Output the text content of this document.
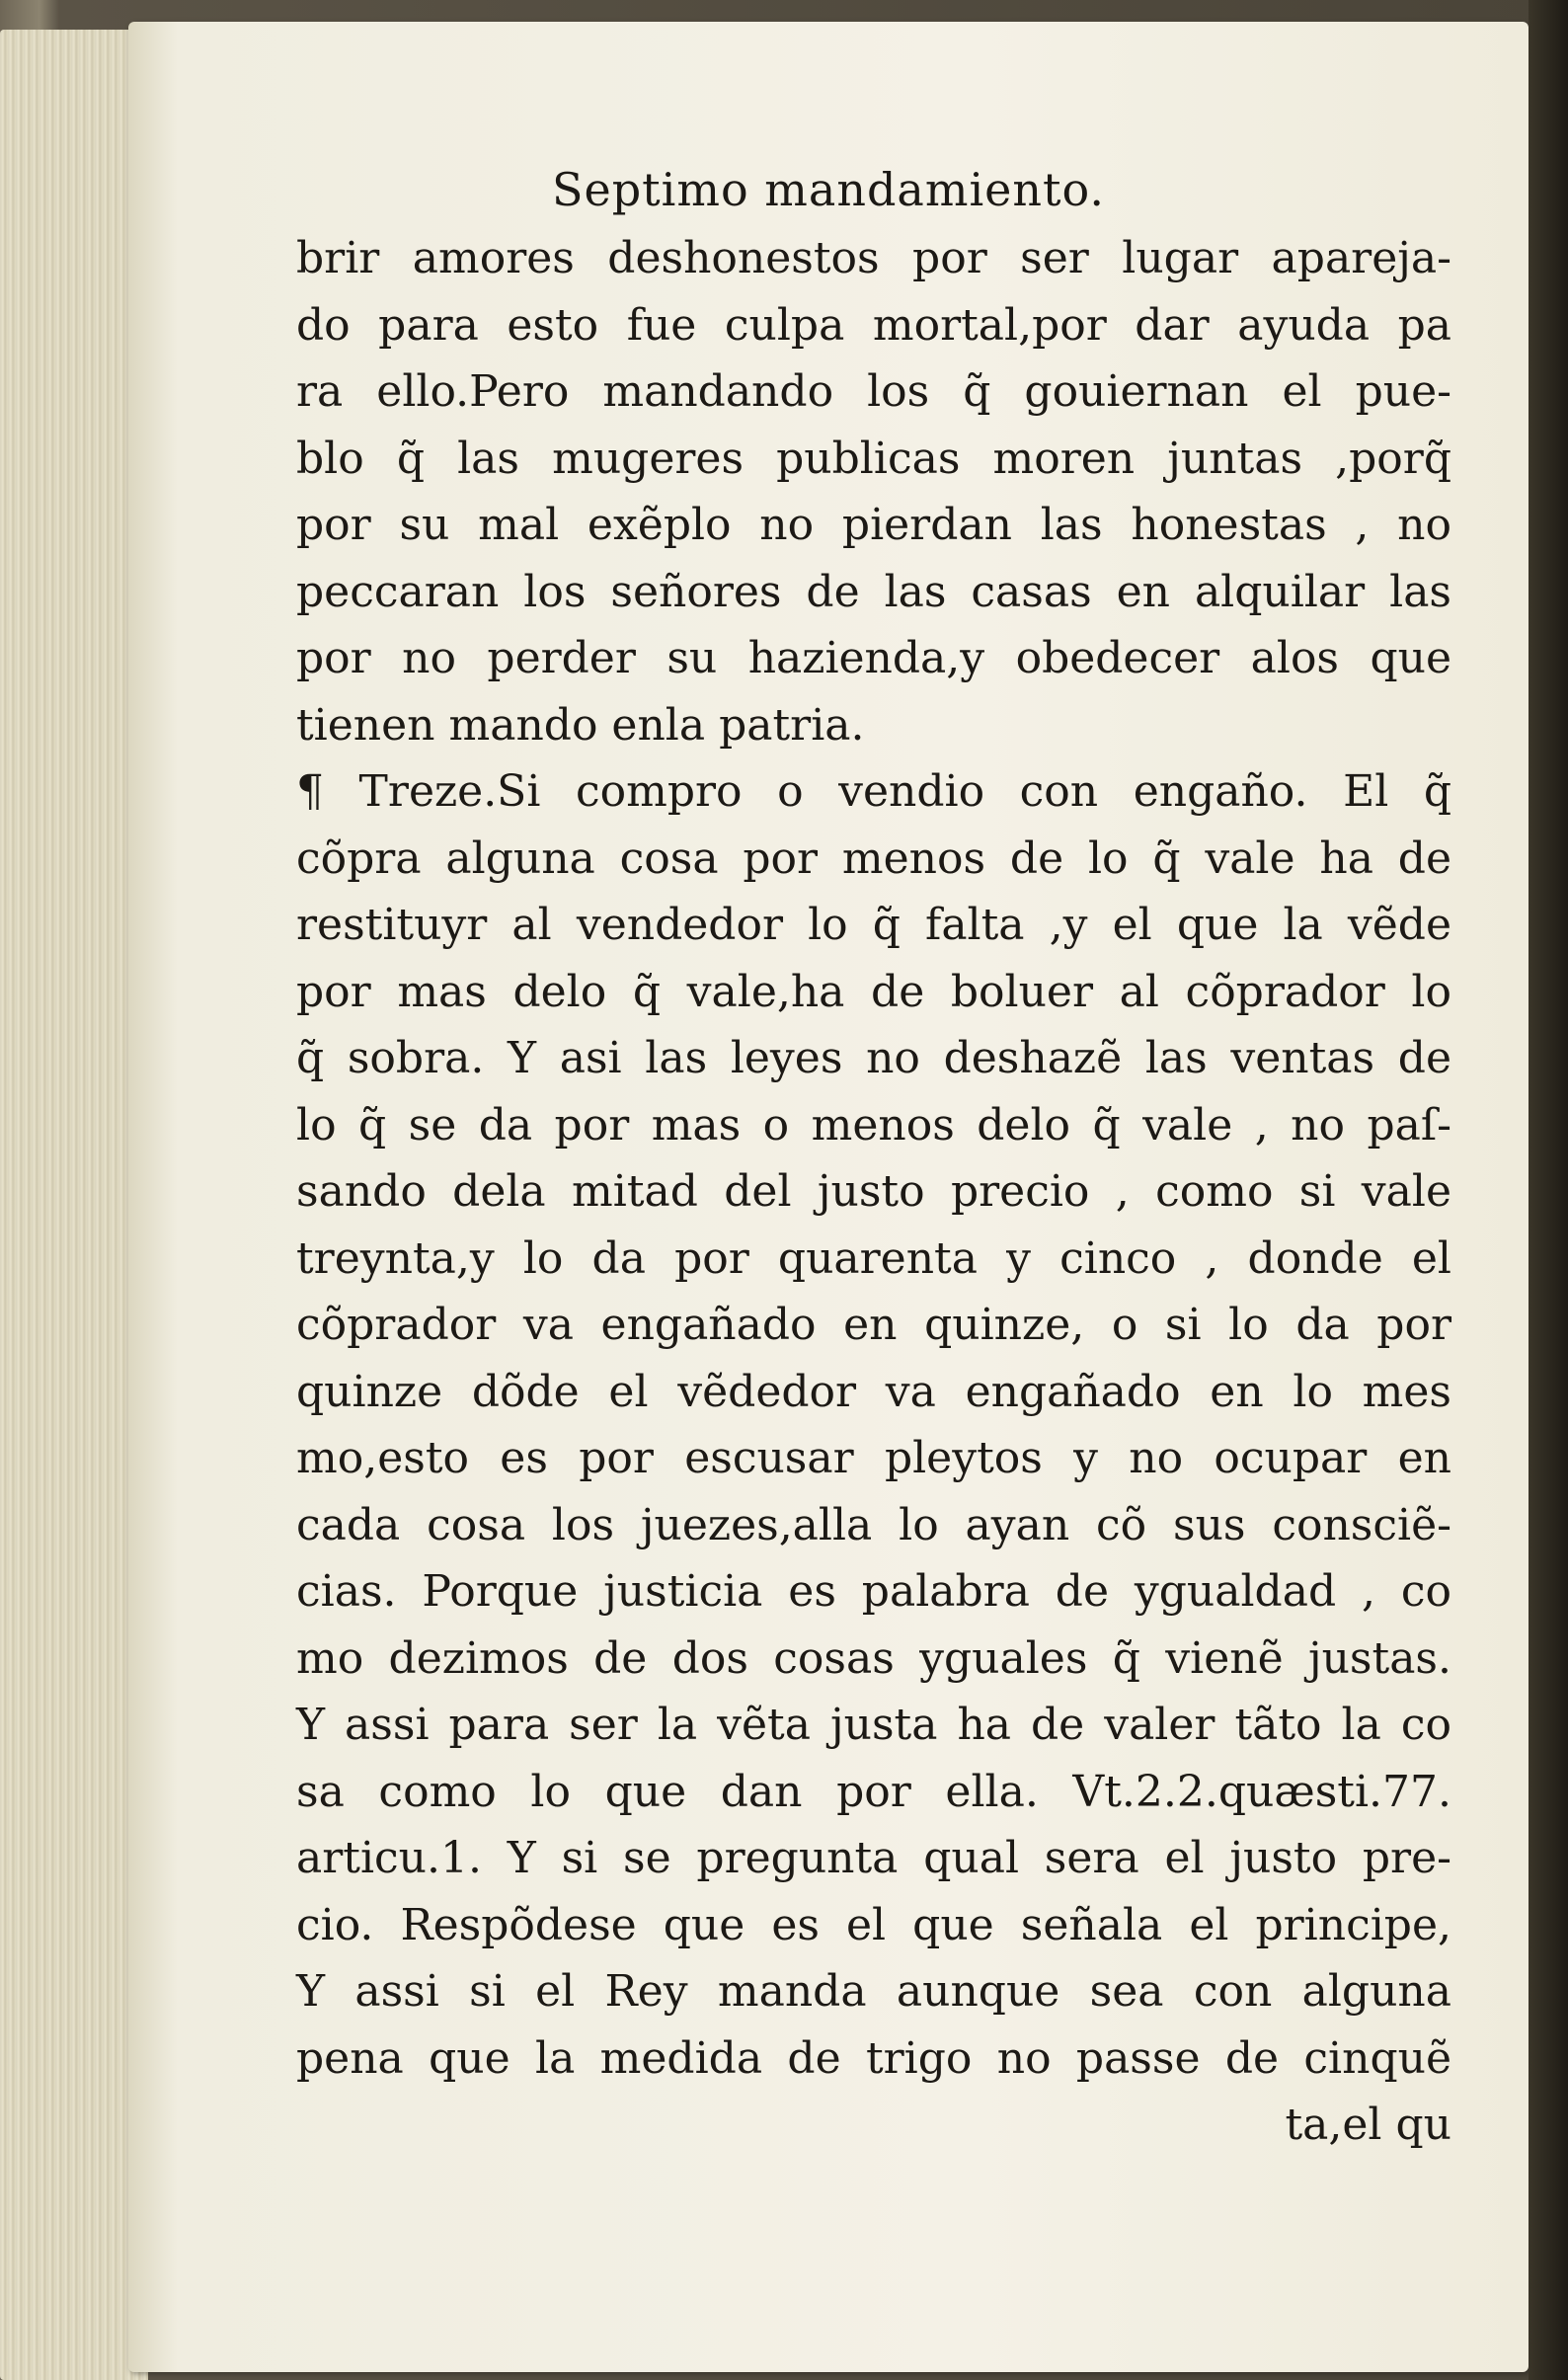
Septimo mandamiento.
brir amores deshonestos por ser lugar apareja-
do para esto fue culpa mortal,por dar ayuda pa
ra ello.Pero mandando los q̃ gouiernan el pue-
blo q̃ las mugeres publicas moren juntas ,porq̃
por su mal exẽplo no pierdan las honestas , no
peccaran los señores de las casas en alquilar las
por no perder su hazienda,y obedecer alos que
tienen mando enla patria.
¶ Treze.Si compro o vendio con engaño. El q̃
cõpra alguna cosa por menos de lo q̃ vale ha de
restituyr al vendedor lo q̃ falta ,y el que la vẽde
por mas delo q̃ vale,ha de boluer al cõprador lo
q̃ sobra. Y asi las leyes no deshazẽ las ventas de
lo q̃ se da por mas o menos delo q̃ vale , no paſ-
sando dela mitad del justo precio , como si vale
treynta,y lo da por quarenta y cinco , donde el
cõprador va engañado en quinze, o si lo da por
quinze dõde el vẽdedor va engañado en lo mes
mo,esto es por escusar pleytos y no ocupar en
cada cosa los juezes,alla lo ayan cõ sus consciẽ-
cias. Porque justicia es palabra de ygualdad , co
mo dezimos de dos cosas yguales q̃ vienẽ justas.
Y assi para ser la vẽta justa ha de valer tãto la co
sa como lo que dan por ella. Vt.2.2.quæsti.77.
articu.1. Y si se pregunta qual sera el justo pre-
cio. Respõdese que es el que señala el principe,
Y assi si el Rey manda aunque sea con alguna
pena que la medida de trigo no passe de cinquẽ
ta,el qu
